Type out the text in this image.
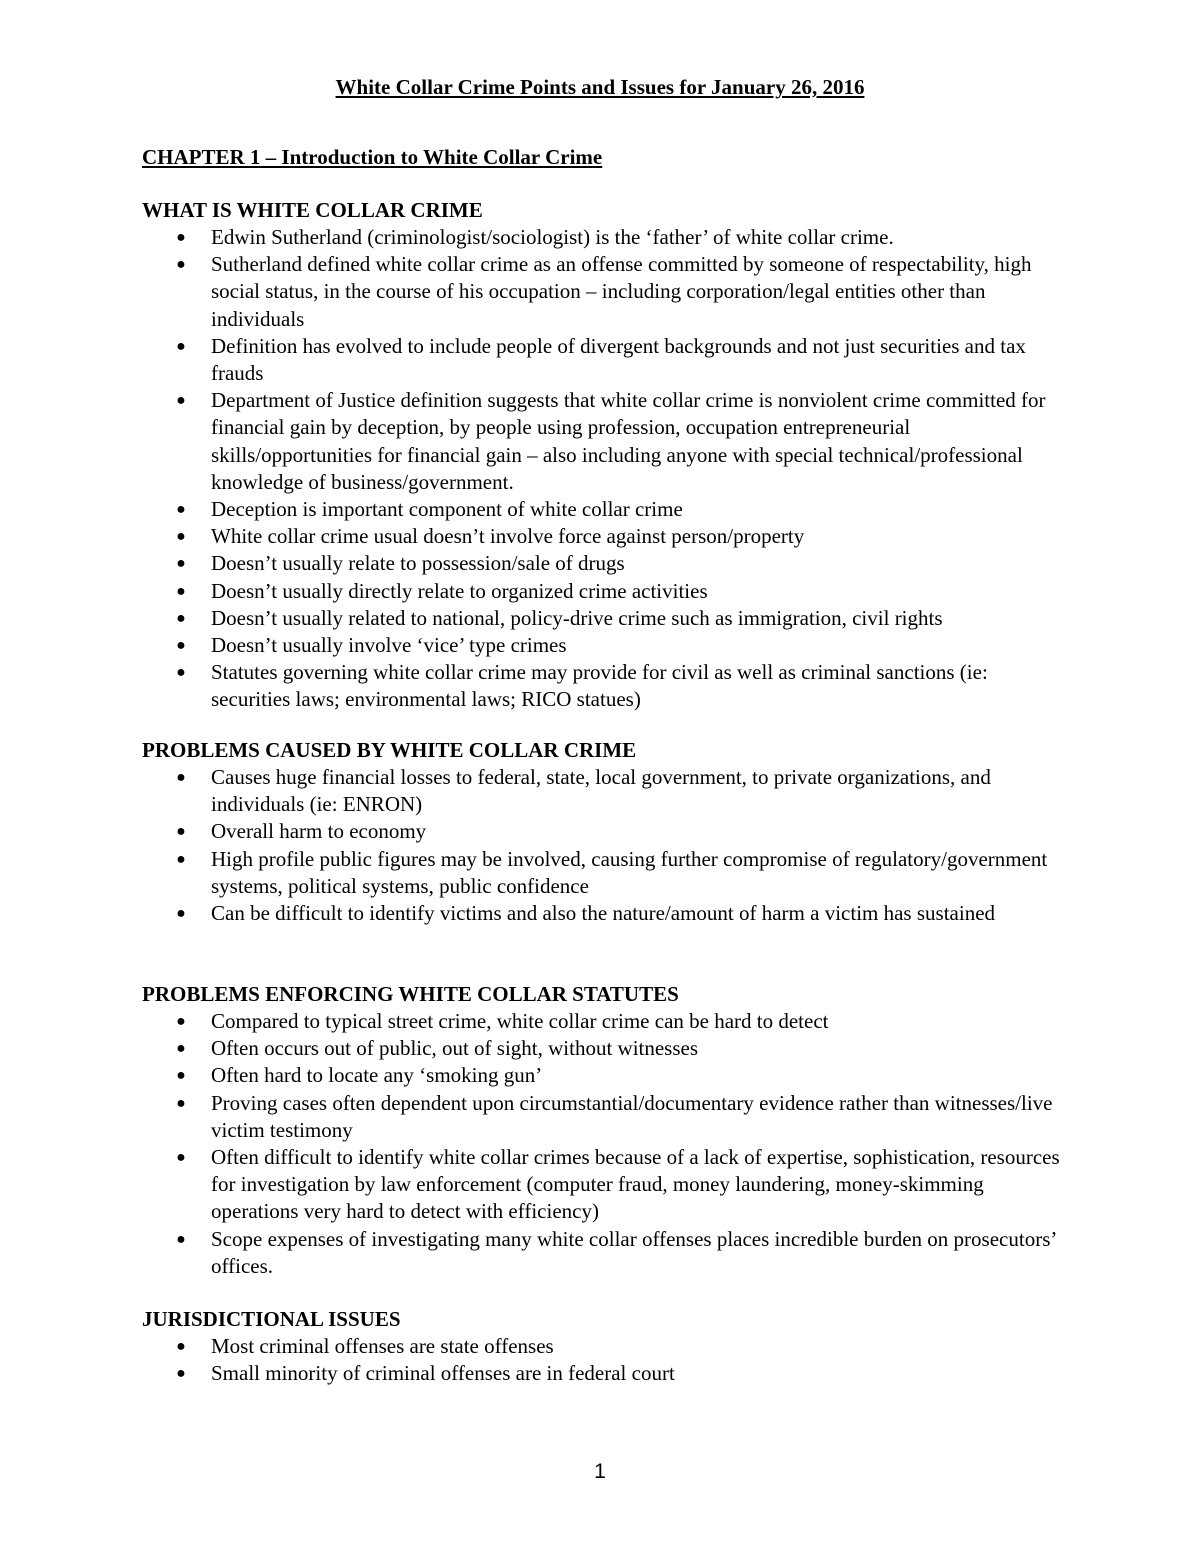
White Collar Crime Points and Issues for January 26, 2016
CHAPTER 1 – Introduction to White Collar Crime
WHAT IS WHITE COLLAR CRIME
● Edwin Sutherland (criminologist/sociologist) is the ‘father’ of white collar crime.
● Sutherland defined white collar crime as an offense committed by someone of respectability, high social status, in the course of his occupation – including corporation/legal entities other than individuals
● Definition has evolved to include people of divergent backgrounds and not just securities and tax frauds
● Department of Justice definition suggests that white collar crime is nonviolent crime committed for financial gain by deception, by people using profession, occupation entrepreneurial skills/opportunities for financial gain – also including anyone with special technical/professional knowledge of business/government.
● Deception is important component of white collar crime
● White collar crime usual doesn’t involve force against person/property
● Doesn’t usually relate to possession/sale of drugs
● Doesn’t usually directly relate to organized crime activities
● Doesn’t usually related to national, policy-drive crime such as immigration, civil rights
● Doesn’t usually involve ‘vice’ type crimes
● Statutes governing white collar crime may provide for civil as well as criminal sanctions (ie: securities laws; environmental laws; RICO statues)
PROBLEMS CAUSED BY WHITE COLLAR CRIME
● Causes huge financial losses to federal, state, local government, to private organizations, and individuals (ie: ENRON)
● Overall harm to economy
● High profile public figures may be involved, causing further compromise of regulatory/government systems, political systems, public confidence
● Can be difficult to identify victims and also the nature/amount of harm a victim has sustained
PROBLEMS ENFORCING WHITE COLLAR STATUTES
● Compared to typical street crime, white collar crime can be hard to detect
● Often occurs out of public, out of sight, without witnesses
● Often hard to locate any ‘smoking gun’
● Proving cases often dependent upon circumstantial/documentary evidence rather than witnesses/live victim testimony
● Often difficult to identify white collar crimes because of a lack of expertise, sophistication, resources for investigation by law enforcement (computer fraud, money laundering, money-skimming operations very hard to detect with efficiency)
● Scope expenses of investigating many white collar offenses places incredible burden on prosecutors’ offices.
JURISDICTIONAL ISSUES
● Most criminal offenses are state offenses
● Small minority of criminal offenses are in federal court
1
